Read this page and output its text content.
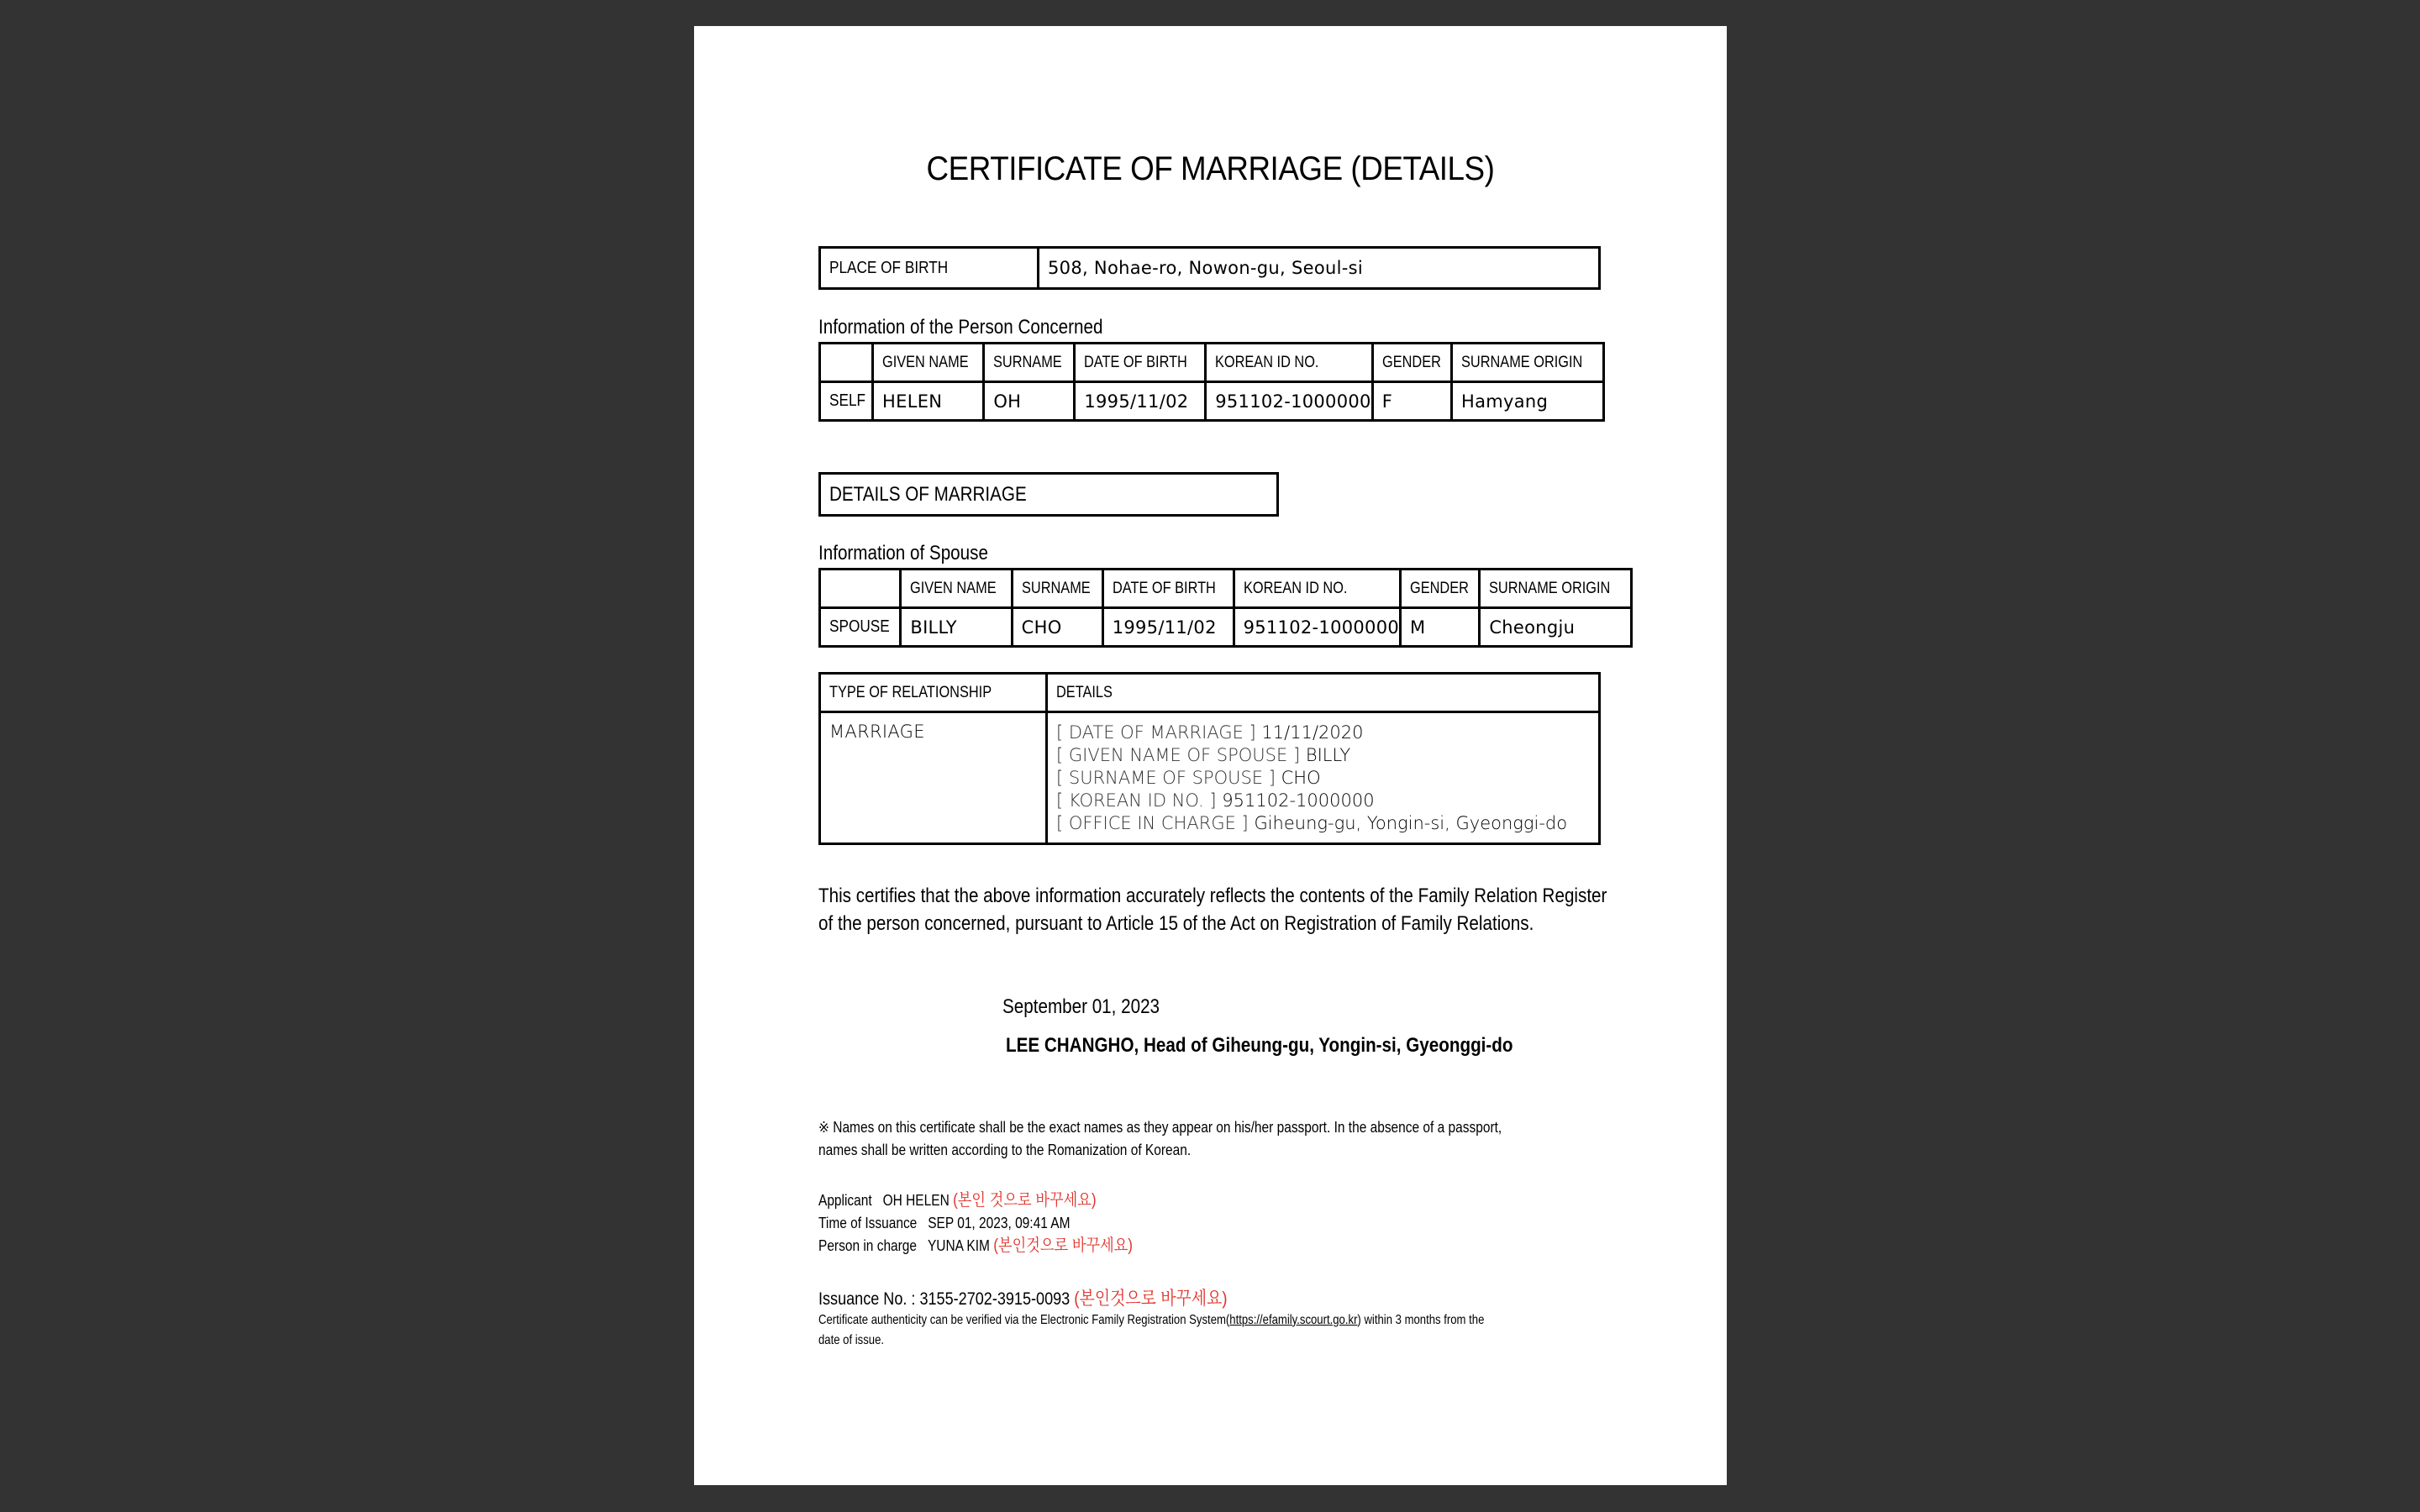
CERTIFICATE OF MARRIAGE (DETAILS)
PLACE OF BIRTH	508, Nohae-ro, Nowon-gu, Seoul-si
Information of the Person Concerned
	GIVEN NAME	SURNAME	DATE OF BIRTH	KOREAN ID NO.	GENDER	SURNAME ORIGIN
SELF	HELEN	OH	1995/11/02	951102-1000000	F	Hamyang
DETAILS OF MARRIAGE
Information of Spouse
	GIVEN NAME	SURNAME	DATE OF BIRTH	KOREAN ID NO.	GENDER	SURNAME ORIGIN
SPOUSE	BILLY	CHO	1995/11/02	951102-1000000	M	Cheongju
TYPE OF RELATIONSHIP	DETAILS
MARRIAGE	[ DATE OF MARRIAGE ] 11/11/2020
[ GIVEN NAME OF SPOUSE ] BILLY
[ SURNAME OF SPOUSE ] CHO
[ KOREAN ID NO. ] 951102-1000000
[ OFFICE IN CHARGE ] Giheung-gu, Yongin-si, Gyeonggi-do
This certifies that the above information accurately reflects the contents of the Family Relation Register
of the person concerned, pursuant to Article 15 of the Act on Registration of Family Relations.
September 01, 2023
LEE CHANGHO, Head of Giheung-gu, Yongin-si, Gyeonggi-do
※ Names on this certificate shall be the exact names as they appear on his/her passport. In the absence of a passport,
names shall be written according to the Romanization of Korean.
Applicant OH HELEN (본인 것으로 바꾸세요)
Time of Issuance SEP 01, 2023, 09:41 AM
Person in charge YUNA KIM (본인것으로 바꾸세요)
Issuance No. : 3155-2702-3915-0093 (본인것으로 바꾸세요)
Certificate authenticity can be verified via the Electronic Family Registration System(https://efamily.scourt.go.kr) within 3 months from the
date of issue.
